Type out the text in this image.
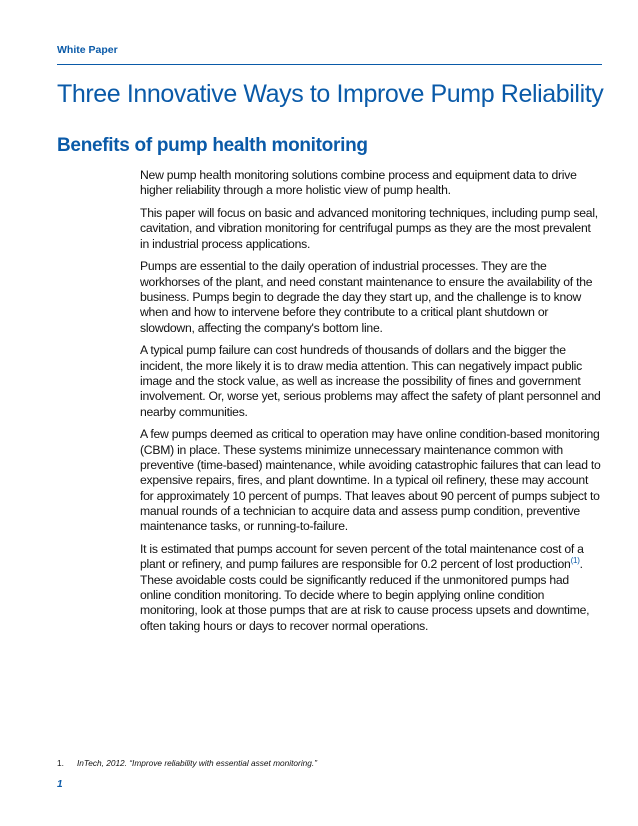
White Paper
Three Innovative Ways to Improve Pump Reliability
Benefits of pump health monitoring

New pump health monitoring solutions combine process and equipment data to drive higher reliability through a more holistic view of pump health.

This paper will focus on basic and advanced monitoring techniques, including pump seal, cavitation, and vibration monitoring for centrifugal pumps as they are the most prevalent in industrial process applications.

Pumps are essential to the daily operation of industrial processes. They are the workhorses of the plant, and need constant maintenance to ensure the availability of the business. Pumps begin to degrade the day they start up, and the challenge is to know when and how to intervene before they contribute to a critical plant shutdown or slowdown, affecting the company's bottom line.

A typical pump failure can cost hundreds of thousands of dollars and the bigger the incident, the more likely it is to draw media attention. This can negatively impact public image and the stock value, as well as increase the possibility of fines and government involvement. Or, worse yet, serious problems may affect the safety of plant personnel and nearby communities.

A few pumps deemed as critical to operation may have online condition-based monitoring (CBM) in place. These systems minimize unnecessary maintenance common with preventive (time-based) maintenance, while avoiding catastrophic failures that can lead to expensive repairs, fires, and plant downtime. In a typical oil refinery, these may account for approximately 10 percent of pumps. That leaves about 90 percent of pumps subject to manual rounds of a technician to acquire data and assess pump condition, preventive maintenance tasks, or running-to-failure.

It is estimated that pumps account for seven percent of the total maintenance cost of a plant or refinery, and pump failures are responsible for 0.2 percent of lost production$^{(1)}$. These avoidable costs could be significantly reduced if the unmonitored pumps had online condition monitoring. To decide where to begin applying online condition monitoring, look at those pumps that are at risk to cause process upsets and downtime, often taking hours or days to recover normal operations.

1. InTech, 2012. “Improve reliability with essential asset monitoring.”
1
